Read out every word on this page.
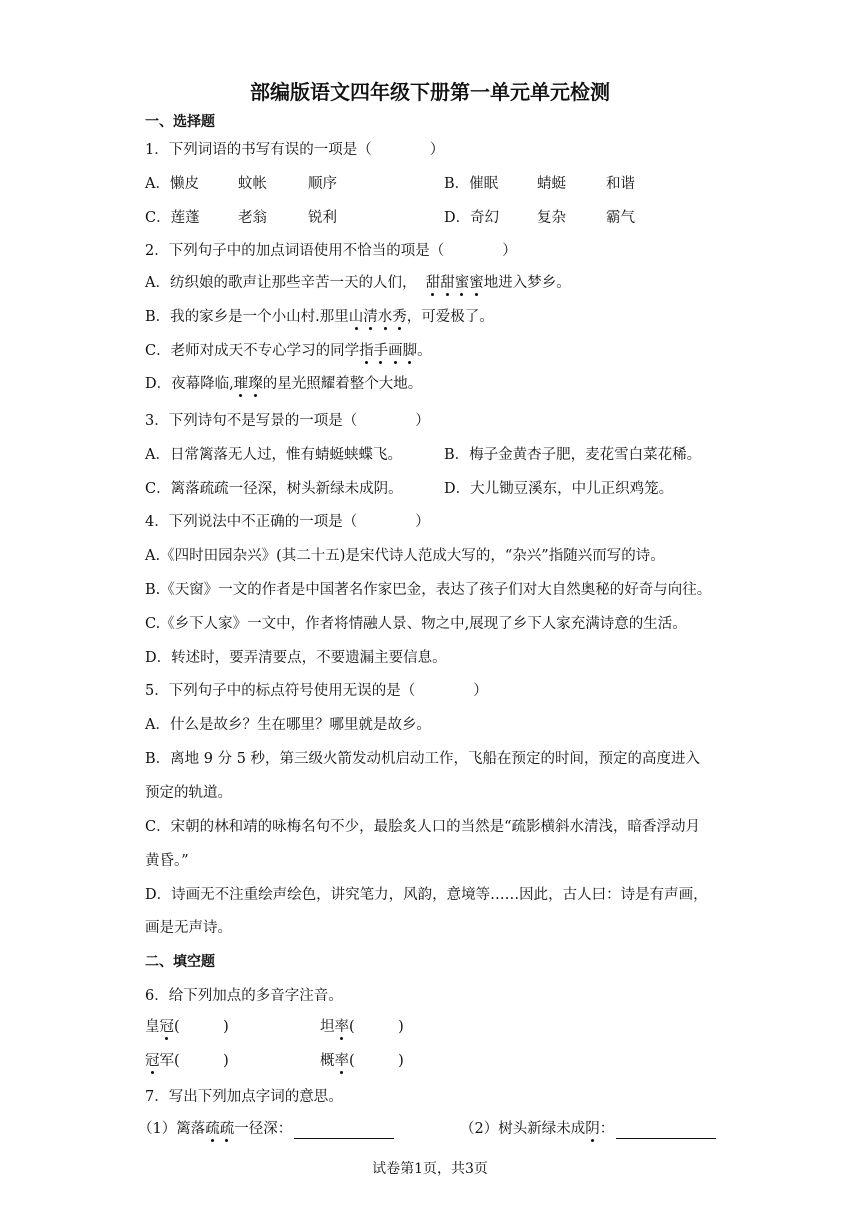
部编版语文四年级下册第一单元单元检测
一、选择题
1．下列词语的书写有误的一项是（　　　　）
A．懒皮	蚊帐	顺序	B．催眠	蜻蜓	和谐
C．莲蓬	老翁	锐利	D．奇幻	复杂	霸气
2．下列句子中的加点词语使用不恰当的项是（　　　　）
A．纺织娘的歌声让那些辛苦一天的人们， 甜甜蜜蜜地进入梦乡。
B．我的家乡是一个小山村.那里山清水秀，可爱极了。
C．老师对成天不专心学习的同学指手画脚。
D．夜幕降临,璀璨的星光照耀着整个大地。
3．下列诗句不是写景的一项是（　　　　）
A．日常篱落无人过，惟有蜻蜓蛱蝶飞。	B．梅子金黄杏子肥，麦花雪白菜花稀。
C．篱落疏疏一径深，树头新绿未成阴。	D．大儿锄豆溪东，中儿正织鸡笼。
4．下列说法中不正确的一项是（　　　　）
A.《四时田园杂兴》(其二十五)是宋代诗人范成大写的，“杂兴”指随兴而写的诗。
B.《天窗》一文的作者是中国著名作家巴金，表达了孩子们对大自然奥秘的好奇与向往。
C.《乡下人家》一文中，作者将情融人景、物之中,展现了乡下人家充满诗意的生活。
D．转述时，要弄清要点，不要遗漏主要信息。
5．下列句子中的标点符号使用无误的是（　　　　）
A．什么是故乡？生在哪里？哪里就是故乡。
B．离地 9 分 5 秒，第三级火箭发动机启动工作，飞船在预定的时间，预定的高度进入
预定的轨道。
C．宋朝的林和靖的咏梅名句不少，最脍炙人口的当然是“疏影横斜水清浅，暗香浮动月
黄昏。”
D．诗画无不注重绘声绘色，讲究笔力，风韵，意境等……因此，古人曰：诗是有声画，
画是无声诗。
二、填空题
6．给下列加点的多音字注音。
皇冠(　　　)	坦率(　　　)
冠军(　　　)	概率(　　　)
7．写出下列加点字词的意思。
（1）篱落疏疏一径深：	（2）树头新绿未成阴：
试卷第1页，共3页
